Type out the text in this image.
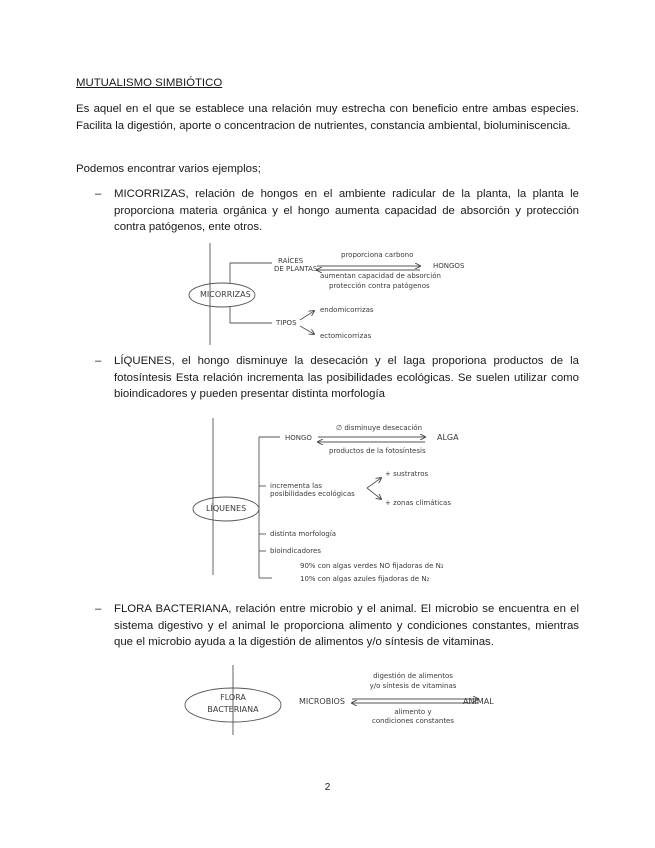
MUTUALISMO SIMBIÓTICO
Es aquel en el que se establece una relación muy estrecha con beneficio entre ambas especies. Facilita la digestión, aporte o concentracion de nutrientes, constancia ambiental, bioluminiscencia.
Podemos encontrar varios ejemplos;
– MICORRIZAS, relación de hongos en el ambiente radicular de la planta, la planta le proporciona materia orgánica y el hongo aumenta capacidad de absorción y protección contra patógenos, ente otros.
– LÍQUENES, el hongo disminuye la desecación y el laga proporiona productos de la fotosíntesis Esta relación incrementa las posibilidades ecológicas. Se suelen utilizar como bioindicadores y pueden presentar distinta morfología
– FLORA BACTERIANA, relación entre microbio y el animal. El microbio se encuentra en el sistema digestivo y el animal le proporciona alimento y condiciones constantes, mientras que el microbio ayuda a la digestión de alimentos y/o síntesis de vitaminas.
MICORRIZAS
RAÍCES
DE PLANTAS	HONGOS
proporciona carbono
aumentan capacidad de absorción
protección contra patógenos
TIPOS
endomicorrizas
ectomicorrizas
LÍQUENES
HONGO	ALGA
∅ disminuye desecación
productos de la fotosíntesis
incrementa las
posibilidades ecológicas
+ sustratros
+ zonas climáticas
distinta morfología
bioindicadores
90% con algas verdes NO fijadoras de N₂
10% con algas azules fijadoras de N₂
FLORA
BACTERIANA
MICROBIOS	ANIMAL
digestión de alimentos
y/o síntesis de vitaminas
alimento y
condiciones constantes
2
